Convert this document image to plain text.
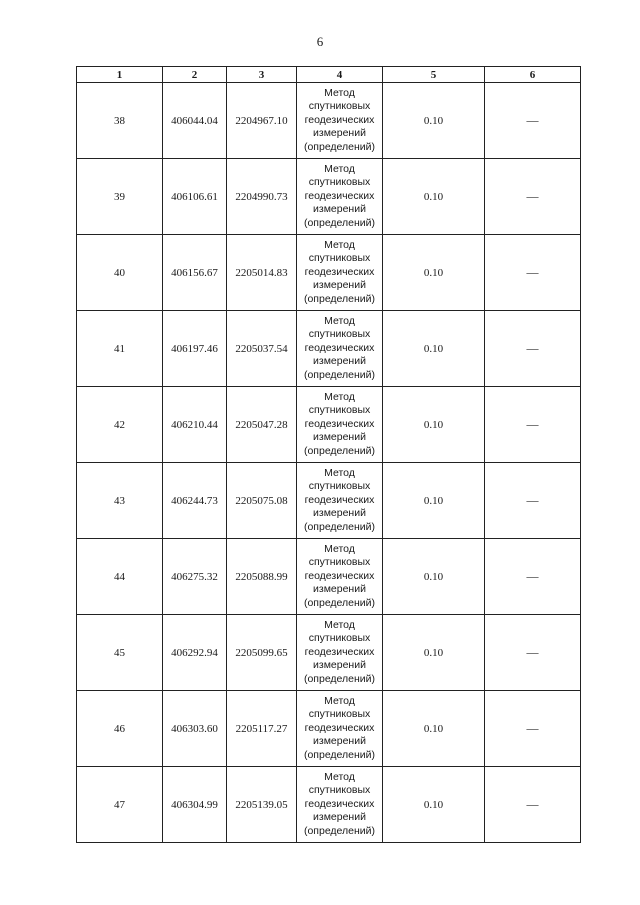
6
1	2	3	4	5	6
38	406044.04	2204967.10	Метод
спутниковых
геодезических
измерений
(определений)	0.10	—
39	406106.61	2204990.73	Метод
спутниковых
геодезических
измерений
(определений)	0.10	—
40	406156.67	2205014.83	Метод
спутниковых
геодезических
измерений
(определений)	0.10	—
41	406197.46	2205037.54	Метод
спутниковых
геодезических
измерений
(определений)	0.10	—
42	406210.44	2205047.28	Метод
спутниковых
геодезических
измерений
(определений)	0.10	—
43	406244.73	2205075.08	Метод
спутниковых
геодезических
измерений
(определений)	0.10	—
44	406275.32	2205088.99	Метод
спутниковых
геодезических
измерений
(определений)	0.10	—
45	406292.94	2205099.65	Метод
спутниковых
геодезических
измерений
(определений)	0.10	—
46	406303.60	2205117.27	Метод
спутниковых
геодезических
измерений
(определений)	0.10	—
47	406304.99	2205139.05	Метод
спутниковых
геодезических
измерений
(определений)	0.10	—
